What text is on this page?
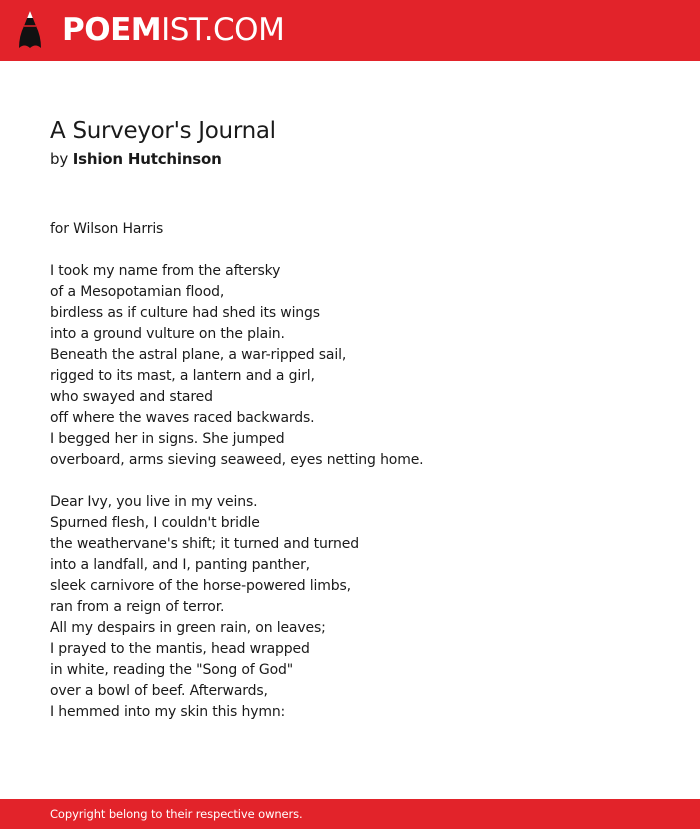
POEMIST.COM
A Surveyor's Journal
by Ishion Hutchinson
for Wilson Harris
I took my name from the aftersky
of a Mesopotamian flood,
birdless as if culture had shed its wings
into a ground vulture on the plain.
Beneath the astral plane, a war-ripped sail,
rigged to its mast, a lantern and a girl,
who swayed and stared
off where the waves raced backwards.
I begged her in signs. She jumped
overboard, arms sieving seaweed, eyes netting home.
Dear Ivy, you live in my veins.
Spurned flesh, I couldn't bridle
the weathervane's shift; it turned and turned
into a landfall, and I, panting panther,
sleek carnivore of the horse-powered limbs,
ran from a reign of terror.
All my despairs in green rain, on leaves;
I prayed to the mantis, head wrapped
in white, reading the "Song of God"
over a bowl of beef. Afterwards,
I hemmed into my skin this hymn:
Copyright belong to their respective owners.
